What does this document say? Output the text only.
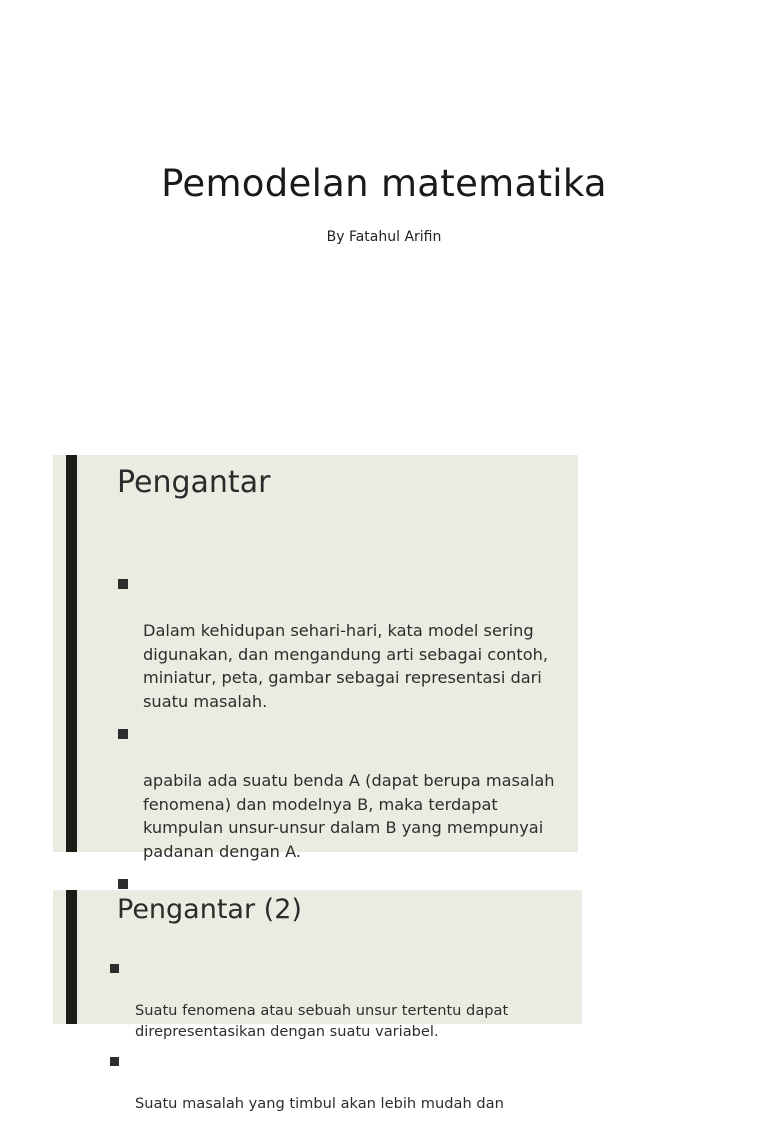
Pemodelan matematika

By Fatahul Arifin

Pengantar

Dalam kehidupan sehari-hari, kata model sering
digunakan, dan mengandung arti sebagai contoh,
miniatur, peta, gambar sebagai representasi dari
suatu masalah.

apabila ada suatu benda A (dapat berupa masalah
fenomena) dan modelnya B, maka terdapat
kumpulan unsur-unsur dalam B yang mempunyai
padanan dengan A.

Pengantar (2)

Suatu fenomena atau sebuah unsur tertentu dapat
direpresentasikan dengan suatu variabel.

Suatu masalah yang timbul akan lebih mudah dan
